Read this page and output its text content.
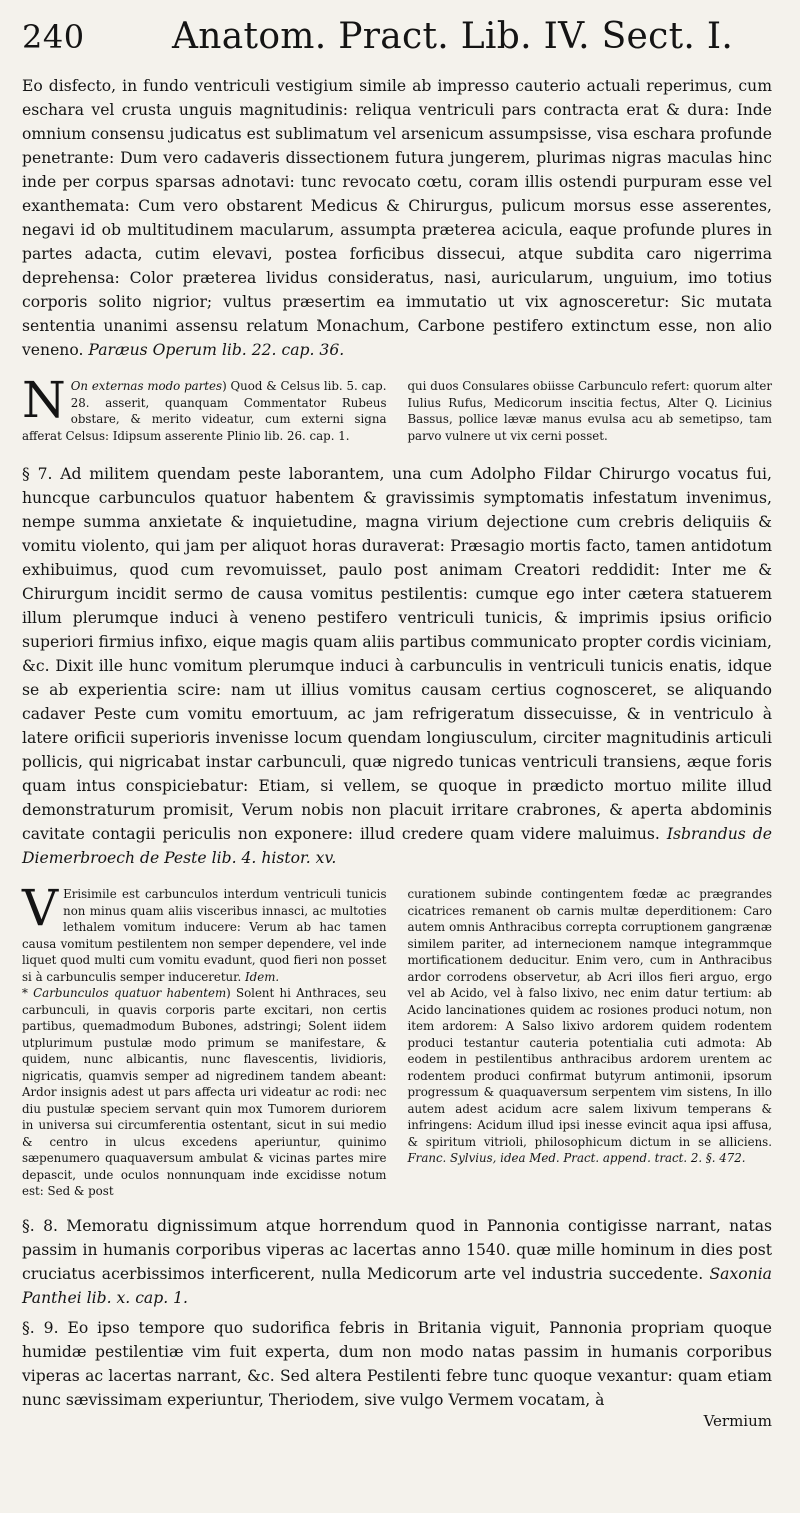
240 Anatom. Pract. Lib. IV. Sect. I.

Eo disfecto, in fundo ventriculi vestigium simile ab impresso cauterio actuali reperimus, cum eschara vel crusta unguis magnitudinis: reliqua ventriculi pars contracta erat & dura: Inde omnium consensu judicatus est sublimatum vel arsenicum assumpsisse, visa eschara profunde penetrante: Dum vero cadaveris dissectionem futura jungerem, plurimas nigras maculas hinc inde per corpus sparsas adnotavi: tunc revocato cœtu, coram illis ostendi purpuram esse vel exanthemata: Cum vero obstarent Medicus & Chirurgus, pulicum morsus esse asserentes, negavi id ob multitudinem macularum, assumpta præterea acicula, eaque profunde plures in partes adacta, cutim elevavi, postea forficibus dissecui, atque subdita caro nigerrima deprehensa: Color præterea lividus consideratus, nasi, auricularum, unguium, imo totius corporis solito nigrior; vultus præsertim ea immutatio ut vix agnosceretur: Sic mutata sententia unanimi assensu relatum Monachum, Carbone pestifero extinctum esse, non alio veneno. Paræus Operum lib. 22. cap. 36.

N On externas modo partes) Quod & Celsus lib. 5. cap. 28. asserit, quanquam Commentator Rubeus obstare, & merito videatur, cum externi signa afferat Celsus: Idipsum asserente Plinio lib. 26. cap. 1.

qui duos Consulares obiisse Carbunculo refert: quorum alter Iulius Rufus, Medicorum inscitia fectus, Alter Q. Licinius Bassus, pollice lævæ manus evulsa acu ab semetipso, tam parvo vulnere ut vix cerni posset.

§ 7. Ad militem quendam peste laborantem, una cum Adolpho Fildar Chirurgo vocatus fui, huncque carbunculos quatuor habentem & gravissimis symptomatis infestatum invenimus, nempe summa anxietate & inquietudine, magna virium dejectione cum crebris deliquiis & vomitu violento, qui jam per aliquot horas duraverat: Præsagio mortis facto, tamen antidotum exhibuimus, quod cum revomuisset, paulo post animam Creatori reddidit: Inter me & Chirurgum incidit sermo de causa vomitus pestilentis: cumque ego inter cætera statuerem illum plerumque induci à veneno pestifero ventriculi tunicis, & imprimis ipsius orificio superiori firmius infixo, eique magis quam aliis partibus communicato propter cordis viciniam, &c. Dixit ille hunc vomitum plerumque induci à carbunculis in ventriculi tunicis enatis, idque se ab experientia scire: nam ut illius vomitus causam certius cognosceret, se aliquando cadaver Peste cum vomitu emortuum, ac jam refrigeratum dissecuisse, & in ventriculo à latere orificii superioris invenisse locum quendam longiusculum, circiter magnitudinis articuli pollicis, qui nigricabat instar carbunculi, quæ nigredo tunicas ventriculi transiens, æque foris quam intus conspiciebatur: Etiam, si vellem, se quoque in prædicto mortuo milite illud demonstraturum promisit, Verum nobis non placuit irritare crabrones, & aperta abdominis cavitate contagii periculis non exponere: illud credere quam videre maluimus. Isbrandus de Diemerbroech de Peste lib. 4. histor. xv.

V Erisimile est carbunculos interdum ventriculi tunicis non minus quam aliis visceribus innasci, ac multoties lethalem vomitum inducere: Verum ab hac tamen causa vomitum pestilentem non semper dependere, vel inde liquet quod multi cum vomitu evadunt, quod fieri non posset si à carbunculis semper induceretur. Idem.

* Carbunculos quatuor habentem) Solent hi Anthraces, seu carbunculi, in quavis corporis parte excitari, non certis partibus, quemadmodum Bubones, adstringi; Solent iidem utplurimum pustulæ modo primum se manifestare, & quidem, nunc albicantis, nunc flavescentis, lividioris, nigricatis, quamvis semper ad nigredinem tandem abeant: Ardor insignis adest ut pars affecta uri videatur ac rodi: nec diu pustulæ speciem servant quin mox Tumorem duriorem in universa sui circumferentia ostentant, sicut in sui medio & centro in ulcus excedens aperiuntur, quinimo sæpenumero quaquaversum ambulat & vicinas partes mire depascit, unde oculos nonnunquam inde excidisse notum est: Sed & post

curationem subinde contingentem fœdæ ac prægrandes cicatrices remanent ob carnis multæ deperditionem: Caro autem omnis Anthracibus correpta corruptionem gangrænæ similem pariter, ad internecionem namque integrammque mortificationem deducitur. Enim vero, cum in Anthracibus ardor corrodens observetur, ab Acri illos fieri arguo, ergo vel ab Acido, vel à falso lixivo, nec enim datur tertium: ab Acido lancinationes quidem ac rosiones produci notum, non item ardorem: A Salso lixivo ardorem quidem rodentem produci testantur cauteria potentialia cuti admota: Ab eodem in pestilentibus anthracibus ardorem urentem ac rodentem produci confirmat butyrum antimonii, ipsorum progressum & quaquaversum serpentem vim sistens, In illo autem adest acidum acre salem lixivum temperans & infringens: Acidum illud ipsi inesse evincit aqua ipsi affusa, & spiritum vitrioli, philosophicum dictum in se alliciens. Franc. Sylvius, idea Med. Pract. append. tract. 2. §. 472.

§. 8. Memoratu dignissimum atque horrendum quod in Pannonia contigisse narrant, natas passim in humanis corporibus viperas ac lacertas anno 1540. quæ mille hominum in dies post cruciatus acerbissimos interficerent, nulla Medicorum arte vel industria succedente. Saxonia Panthei lib. x. cap. 1.

§. 9. Eo ipso tempore quo sudorifica febris in Britania viguit, Pannonia propriam quoque humidæ pestilentiæ vim fuit experta, dum non modo natas passim in humanis corporibus viperas ac lacertas narrant, &c. Sed altera Pestilenti febre tunc quoque vexantur: quam etiam nunc sævissimam experiuntur, Theriodem, sive vulgo Vermem vocatam, à

Vermium
